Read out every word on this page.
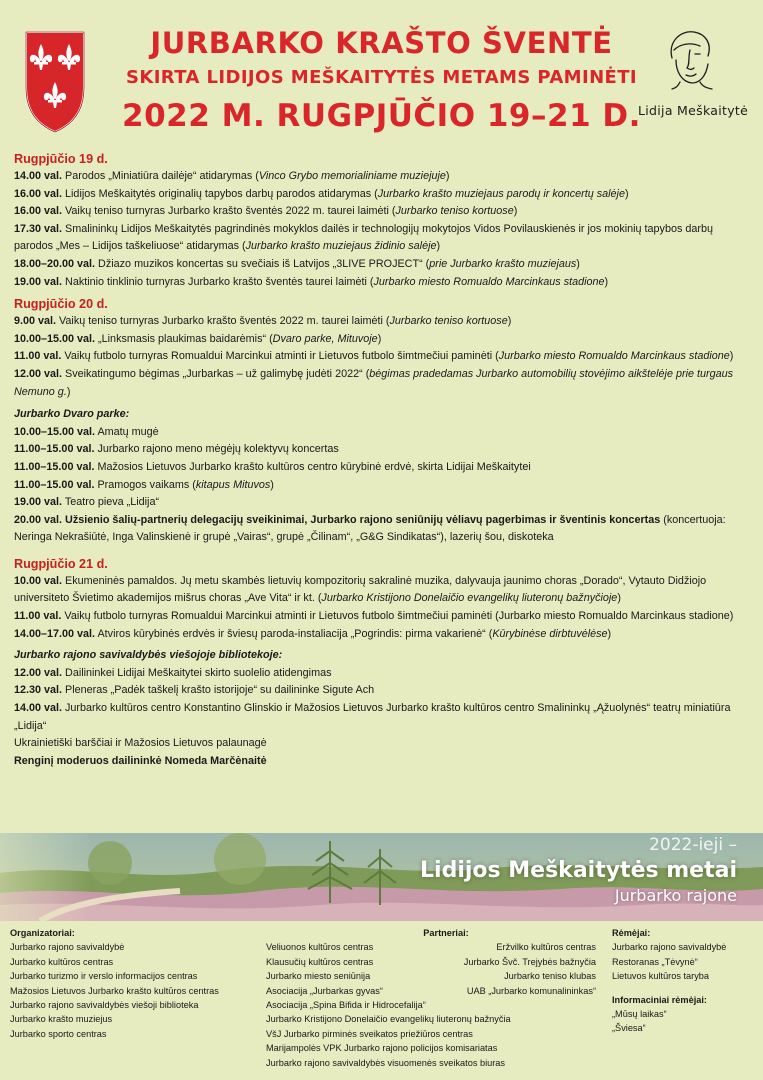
JURBARKO KRAŠTO ŠVENTĖ
SKIRTA LIDIJOS MEŠKAITYTĖS METAMS PAMINĖTI
2022 M. RUGPJŪČIO 19–21 D.
Lidija Meškaitytė
Rugpjūčio 19 d.
14.00 val. Parodos „Miniatiūra dailėje“ atidarymas (Vinco Grybo memorialiniame muziejuje)
16.00 val. Lidijos Meškaitytės originalių tapybos darbų parodos atidarymas (Jurbarko krašto muziejaus parodų ir koncertų salėje)
16.00 val. Vaikų teniso turnyras Jurbarko krašto šventės 2022 m. taurei laimėti (Jurbarko teniso kortuose)
17.30 val. Smalininkų Lidijos Meškaitytės pagrindinės mokyklos dailės ir technologijų mokytojos Vidos Povilauskienės ir jos mokinių tapybos darbų parodos „Mes – Lidijos taškeliuose“ atidarymas (Jurbarko krašto muziejaus židinio salėje)
18.00–20.00 val. Džiazo muzikos koncertas su svečiais iš Latvijos „3LIVE PROJECT“ (prie Jurbarko krašto muziejaus)
19.00 val. Naktinio tinklinio turnyras Jurbarko krašto šventės taurei laimėti (Jurbarko miesto Romualdo Marcinkaus stadione)
Rugpjūčio 20 d.
9.00 val. Vaikų teniso turnyras Jurbarko krašto šventės 2022 m. taurei laimėti (Jurbarko teniso kortuose)
10.00–15.00 val. „Linksmasis plaukimas baidarėmis“ (Dvaro parke, Mituvoje)
11.00 val. Vaikų futbolo turnyras Romualdui Marcinkui atminti ir Lietuvos futbolo šimtmečiui paminėti (Jurbarko miesto Romualdo Marcinkaus stadione)
12.00 val. Sveikatingumo bėgimas „Jurbarkas – už galimybę judėti 2022“ (bėgimas pradedamas Jurbarko automobilių stovėjimo aikštelėje prie turgaus Nemuno g.)
Jurbarko Dvaro parke:
10.00–15.00 val. Amatų mugė
11.00–15.00 val. Jurbarko rajono meno mėgėjų kolektyvų koncertas
11.00–15.00 val. Mažosios Lietuvos Jurbarko krašto kultūros centro kūrybinė erdvė, skirta Lidijai Meškaitytei
11.00–15.00 val. Pramogos vaikams (kitapus Mituvos)
19.00 val. Teatro pieva „Lidija“
20.00 val. Užsienio šalių-partnerių delegacijų sveikinimai, Jurbarko rajono seniūnijų vėliavų pagerbimas ir šventinis koncertas (koncertuoja: Neringa Nekrašiūtė, Inga Valinskienė ir grupė „Vairas“, grupė „Čilinam“, „G&G Sindikatas“), lazerių šou, diskoteka
Rugpjūčio 21 d.
10.00 val. Ekumeninės pamaldos. Jų metu skambės lietuvių kompozitorių sakralinė muzika, dalyvauja jaunimo choras „Dorado“, Vytauto Didžiojo universiteto Švietimo akademijos mišrus choras „Ave Vita“ ir kt. (Jurbarko Kristijono Donelaičio evangelikų liuteronų bažnyčioje)
11.00 val. Vaikų futbolo turnyras Romualdui Marcinkui atminti ir Lietuvos futbolo šimtmečiui paminėti (Jurbarko miesto Romualdo Marcinkaus stadione)
14.00–17.00 val. Atviros kūrybinės erdvės ir šviesų paroda-instaliacija „Pogrindis: pirma vakarienė“ (Kūrybinėse dirbtuvėlėse)
Jurbarko rajono savivaldybės viešojoje bibliotekoje:
12.00 val. Dailininkei Lidijai Meškaitytei skirto suolelio atidengimas
12.30 val. Pleneras „Padėk taškelį krašto istorijoje“ su dailininke Sigute Ach
14.00 val. Jurbarko kultūros centro Konstantino Glinskio ir Mažosios Lietuvos Jurbarko krašto kultūros centro Smalininkų „Ąžuolynės“ teatrų miniatiūra „Lidija“
Ukrainietiški barščiai ir Mažosios Lietuvos palaunagė
Renginį moderuos dailininkė Nomeda Marčėnaitė
2022-ieji –
Lidijos Meškaitytės metai
Jurbarko rajone
Organizatoriai:
Jurbarko rajono savivaldybė
Jurbarko kultūros centras
Jurbarko turizmo ir verslo informacijos centras
Mažosios Lietuvos Jurbarko krašto kultūros centras
Jurbarko rajono savivaldybės viešoji biblioteka
Jurbarko krašto muziejus
Jurbarko sporto centras
Partneriai:
Veliuonos kultūros centras	Eržvilko kultūros centras
Klausučių kultūros centras	Jurbarko Švč. Trejybės bažnyčia
Jurbarko miesto seniūnija	Jurbarko teniso klubas
Asociacija „Jurbarkas gyvas“	UAB „Jurbarko komunalininkas“
Asociacija „Spina Bifida ir Hidrocefalija“
Jurbarko Kristijono Donelaičio evangelikų liuteronų bažnyčia
VšJ Jurbarko pirminės sveikatos priežiūros centras
Marijampolės VPK Jurbarko rajono policijos komisariatas
Jurbarko rajono savivaldybės visuomenės sveikatos biuras
Rėmėjai:
Jurbarko rajono savivaldybė
Restoranas „Tėvynė“
Lietuvos kultūros taryba
Informaciniai rėmėjai:
„Mūsų laikas“
„Šviesa“
